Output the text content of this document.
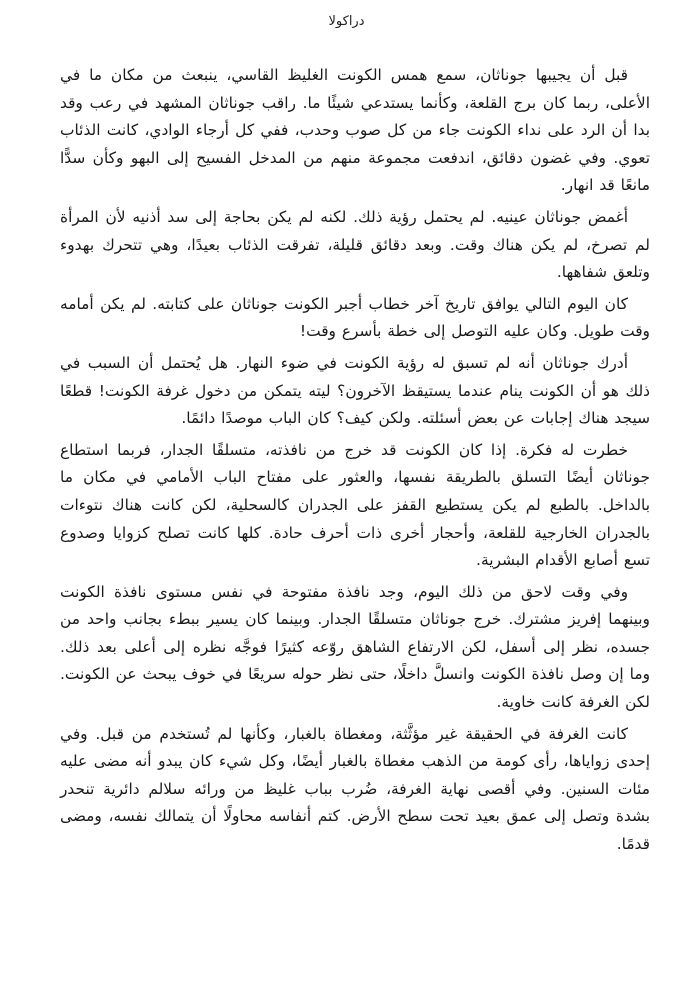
دراكولا

قبل أن يجيبها جوناثان، سمع همس الكونت الغليظ القاسي، ينبعث من مكان ما في الأعلى، ربما كان برج القلعة، وكأنما يستدعي شيئًا ما. راقب جوناثان المشهد في رعب وقد بدا أن الرد على نداء الكونت جاء من كل صوب وحدب، ففي كل أرجاء الوادي، كانت الذئاب تعوي. وفي غضون دقائق، اندفعت مجموعة منهم من المدخل الفسيح إلى البهو وكأن سدًّا مانعًا قد انهار.

أغمض جوناثان عينيه. لم يحتمل رؤية ذلك. لكنه لم يكن بحاجة إلى سد أذنيه لأن المرأة لم تصرخ، لم يكن هناك وقت. وبعد دقائق قليلة، تفرقت الذئاب بعيدًا، وهي تتحرك بهدوء وتلعق شفاهها.

كان اليوم التالي يوافق تاريخ آخر خطاب أجبر الكونت جوناثان على كتابته. لم يكن أمامه وقت طويل. وكان عليه التوصل إلى خطة بأسرع وقت!

أدرك جوناثان أنه لم تسبق له رؤية الكونت في ضوء النهار. هل يُحتمل أن السبب في ذلك هو أن الكونت ينام عندما يستيقظ الآخرون؟ ليته يتمكن من دخول غرفة الكونت! قطعًا سيجد هناك إجابات عن بعض أسئلته. ولكن كيف؟ كان الباب موصدًا دائمًا.

خطرت له فكرة. إذا كان الكونت قد خرج من نافذته، متسلقًا الجدار، فربما استطاع جوناثان أيضًا التسلق بالطريقة نفسها، والعثور على مفتاح الباب الأمامي في مكان ما بالداخل. بالطبع لم يكن يستطيع القفز على الجدران كالسحلية، لكن كانت هناك نتوءات بالجدران الخارجية للقلعة، وأحجار أخرى ذات أحرف حادة. كلها كانت تصلح كزوايا وصدوع تسع أصابع الأقدام البشرية.

وفي وقت لاحق من ذلك اليوم، وجد نافذة مفتوحة في نفس مستوى نافذة الكونت وبينهما إفريز مشترك. خرج جوناثان متسلقًا الجدار. وبينما كان يسير ببطء بجانب واحد من جسده، نظر إلى أسفل، لكن الارتفاع الشاهق روّعه كثيرًا فوجَّه نظره إلى أعلى بعد ذلك. وما إن وصل نافذة الكونت وانسلَّ داخلًا، حتى نظر حوله سريعًا في خوف يبحث عن الكونت. لكن الغرفة كانت خاوية.

كانت الغرفة في الحقيقة غير مؤثَّثة، ومغطاة بالغبار، وكأنها لم تُستخدم من قبل. وفي إحدى زواياها، رأى كومة من الذهب مغطاة بالغبار أيضًا، وكل شيء كان يبدو أنه مضى عليه مئات السنين. وفي أقصى نهاية الغرفة، ضُرب بباب غليظ من ورائه سلالم دائرية تنحدر بشدة وتصل إلى عمق بعيد تحت سطح الأرض. كتم أنفاسه محاولًا أن يتمالك نفسه، ومضى قدمًا.
